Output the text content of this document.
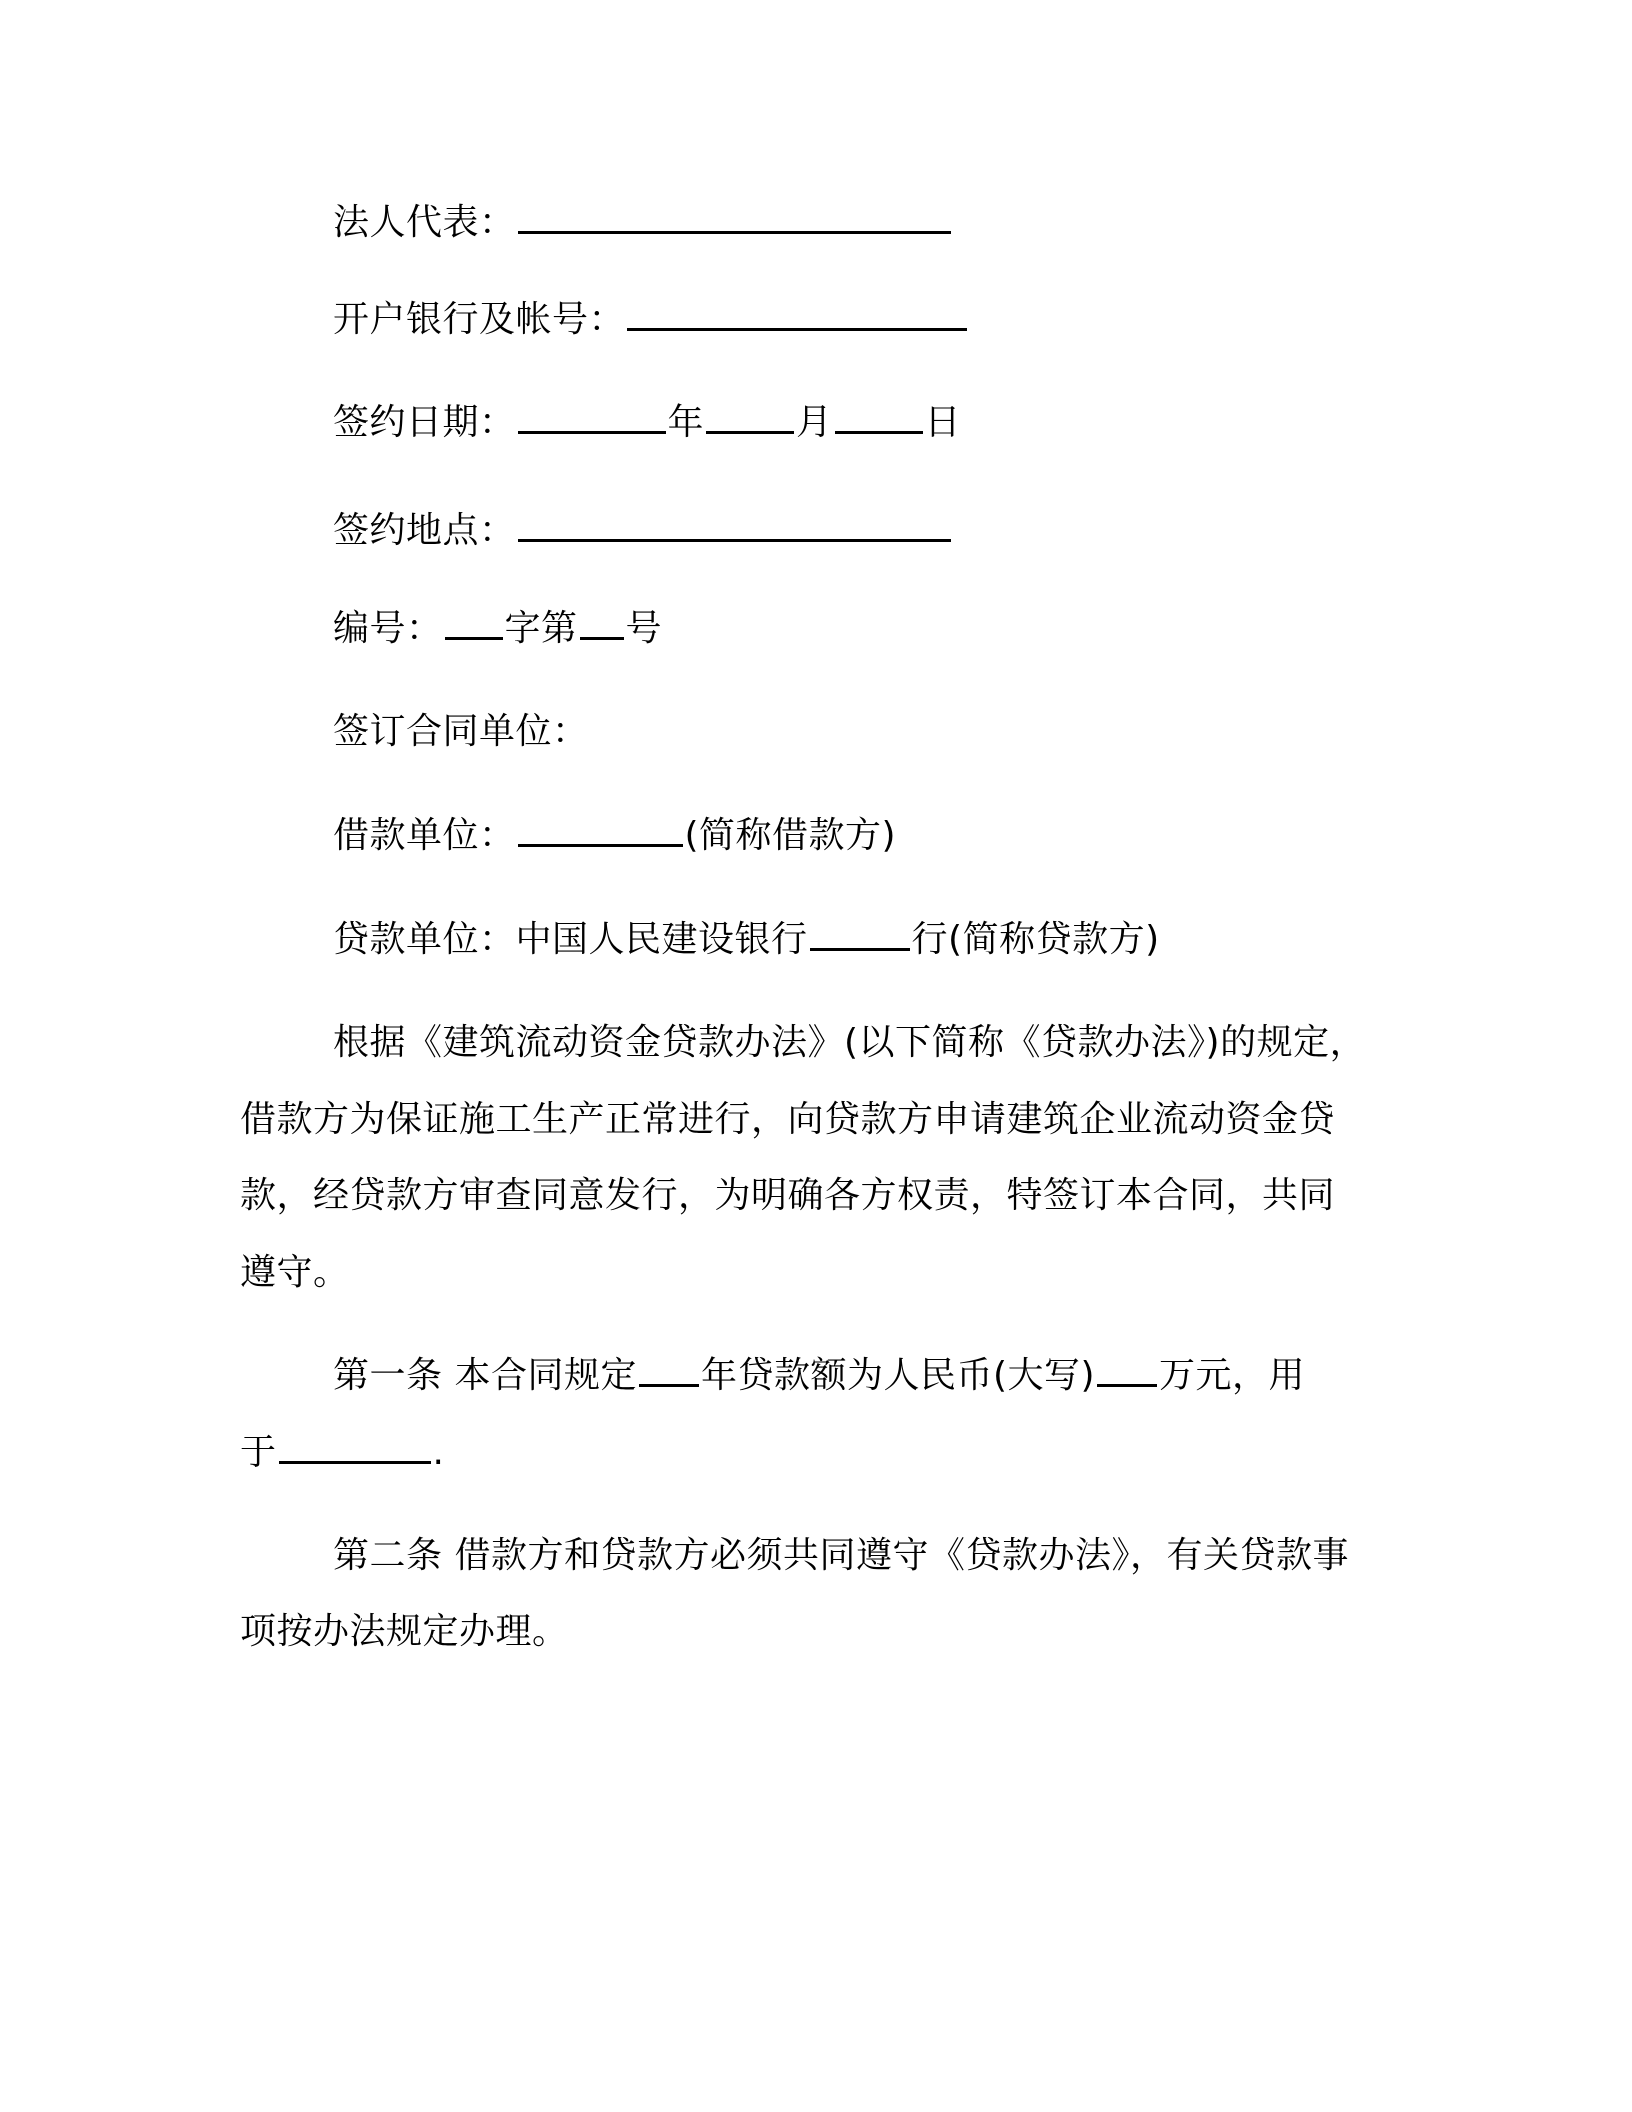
法人代表：
开户银行及帐号：
签约日期：	年	月	日
签约地点：
编号： 字第 号
签订合同单位：
借款单位：	(简称借款方)
贷款单位：中国人民建设银行	行(简称贷款方)
根据《建筑流动资金贷款办法》(以下简称《贷款办法》)的规定，
借款方为保证施工生产正常进行，向贷款方申请建筑企业流动资金贷
款，经贷款方审查同意发行，为明确各方权责，特签订本合同，共同
遵守。
第一条 本合同规定 年贷款额为人民币(大写) 万元，用
于	.
第二条 借款方和贷款方必须共同遵守《贷款办法》，有关贷款事
项按办法规定办理。
